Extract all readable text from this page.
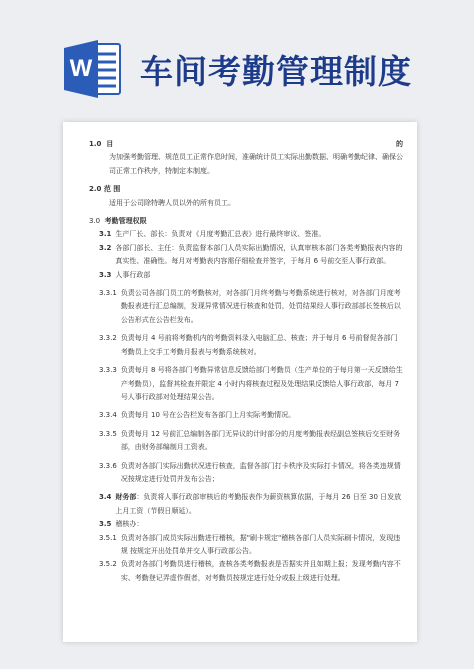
W 车间考勤管理制度
1.0 目	的

为加强考勤管理、规范员工正常作息时间，准确统计员工实际出勤数据、明确考勤纪律、确保公司正常工作秩序，特制定本制度。

2.0 范 围

适用于公司除特聘人员以外的所有员工。

3.0 考勤管理权限

3.1 生产厂长、部长：负责对《月度考勤汇总表》进行最终审议、签准。
3.2 各部门部长、主任：负责监督本部门人员实际出勤情况，认真审核本部门各类考勤报表内容的真实性、准确性。每月对考勤表内容需仔细检查并签字，于每月 6 号前交至人事行政部。
3.3 人事行政部
3.3.1 负责公司各部门员工的考勤核对，对各部门月终考勤与考勤系统进行核对，对各部门月度考勤报表进行汇总编制，发现异常情况进行核查和处罚，处罚结果经人事行政部部长签核后以公告形式在公告栏发布。
3.3.2 负责每月 4 号前将考勤机内的考勤资料录入电脑汇总、核查；并于每月 6 号前督促各部门考勤员上交手工考勤月报表与考勤系统核对。
3.3.3 负责每月 8 号将各部门考勤异常信息反馈给部门考勤员（生产单位的于每月第一天反馈给生产考勤员），监督其检查并限定 4 小时内将核查过程及处理结果反馈给人事行政部，每月 7 号人事行政部对处理结果公告。
3.3.4 负责每月 10 号在公告栏发布各部门上月实际考勤情况。
3.3.5 负责每月 12 号前汇总编制各部门无异议的计时部分的月度考勤报表经副总签核后交至财务部，由财务部编制月工资表。
3.3.6 负责对各部门实际出勤状况进行核查，监督各部门打卡秩序及实际打卡情况，将各类违规情况按规定进行处罚并发布公告；
3.4 财务部：负责将人事行政部审核后的考勤报表作为薪资核算依据，于每月 26 日至 30 日发放上月工资（节假日顺延）。
3.5 稽核办：
3.5.1 负责对各部门成员实际出勤进行稽核，据"刷卡规定"稽核各部门人员实际刷卡情况，发现违规 按规定开出处罚单并交人事行政部公告。
3.5.2 负责对各部门考勤员进行稽核，查核各类考勤报表是否据实并且如期上报；发现考勤内容不实、考勤登记弄虚作假者，对考勤员按规定进行处分或报上级进行处理。
